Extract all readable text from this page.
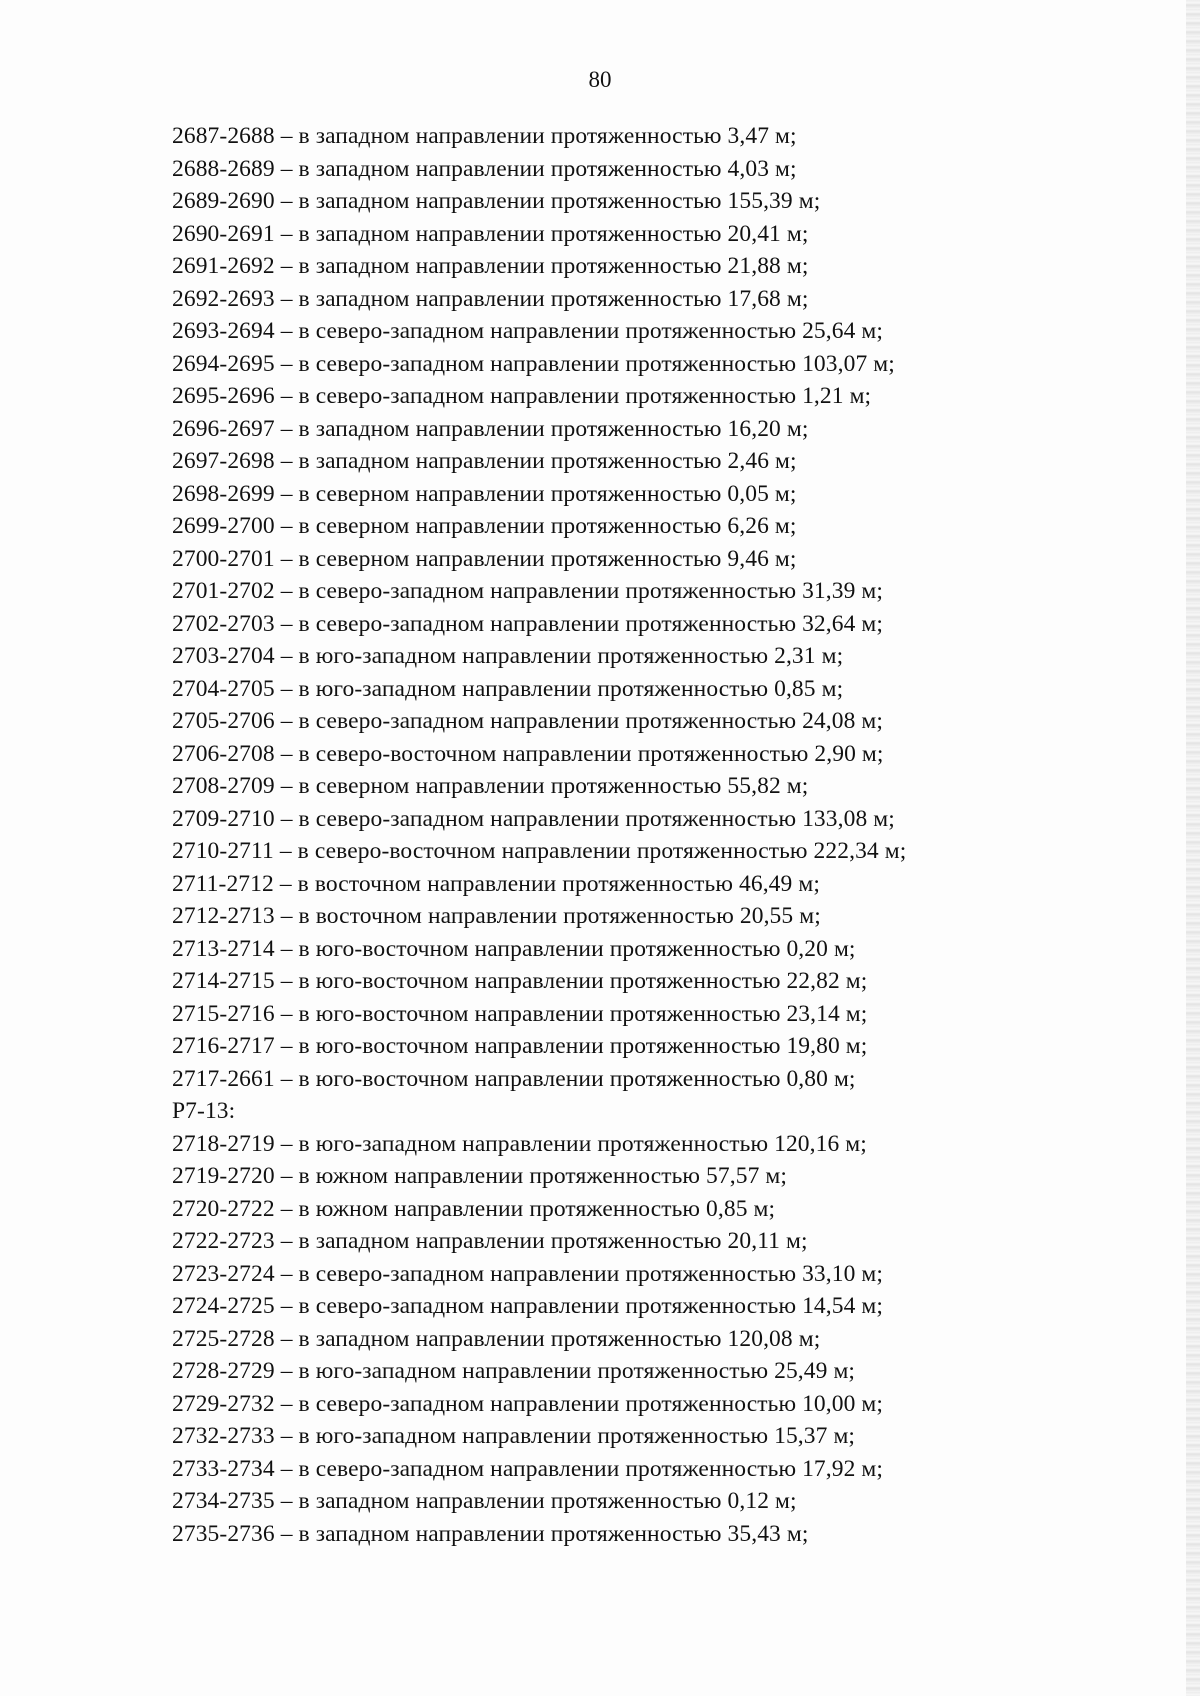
80
2687-2688 – в западном направлении протяженностью 3,47 м;
2688-2689 – в западном направлении протяженностью 4,03 м;
2689-2690 – в западном направлении протяженностью 155,39 м;
2690-2691 – в западном направлении протяженностью 20,41 м;
2691-2692 – в западном направлении протяженностью 21,88 м;
2692-2693 – в западном направлении протяженностью 17,68 м;
2693-2694 – в северо-западном направлении протяженностью 25,64 м;
2694-2695 – в северо-западном направлении протяженностью 103,07 м;
2695-2696 – в северо-западном направлении протяженностью 1,21 м;
2696-2697 – в западном направлении протяженностью 16,20 м;
2697-2698 – в западном направлении протяженностью 2,46 м;
2698-2699 – в северном направлении протяженностью 0,05 м;
2699-2700 – в северном направлении протяженностью 6,26 м;
2700-2701 – в северном направлении протяженностью 9,46 м;
2701-2702 – в северо-западном направлении протяженностью 31,39 м;
2702-2703 – в северо-западном направлении протяженностью 32,64 м;
2703-2704 – в юго-западном направлении протяженностью 2,31 м;
2704-2705 – в юго-западном направлении протяженностью 0,85 м;
2705-2706 – в северо-западном направлении протяженностью 24,08 м;
2706-2708 – в северо-восточном направлении протяженностью 2,90 м;
2708-2709 – в северном направлении протяженностью 55,82 м;
2709-2710 – в северо-западном направлении протяженностью 133,08 м;
2710-2711 – в северо-восточном направлении протяженностью 222,34 м;
2711-2712 – в восточном направлении протяженностью 46,49 м;
2712-2713 – в восточном направлении протяженностью 20,55 м;
2713-2714 – в юго-восточном направлении протяженностью 0,20 м;
2714-2715 – в юго-восточном направлении протяженностью 22,82 м;
2715-2716 – в юго-восточном направлении протяженностью 23,14 м;
2716-2717 – в юго-восточном направлении протяженностью 19,80 м;
2717-2661 – в юго-восточном направлении протяженностью 0,80 м;
Р7-13:
2718-2719 – в юго-западном направлении протяженностью 120,16 м;
2719-2720 – в южном направлении протяженностью 57,57 м;
2720-2722 – в южном направлении протяженностью 0,85 м;
2722-2723 – в западном направлении протяженностью 20,11 м;
2723-2724 – в северо-западном направлении протяженностью 33,10 м;
2724-2725 – в северо-западном направлении протяженностью 14,54 м;
2725-2728 – в западном направлении протяженностью 120,08 м;
2728-2729 – в юго-западном направлении протяженностью 25,49 м;
2729-2732 – в северо-западном направлении протяженностью 10,00 м;
2732-2733 – в юго-западном направлении протяженностью 15,37 м;
2733-2734 – в северо-западном направлении протяженностью 17,92 м;
2734-2735 – в западном направлении протяженностью 0,12 м;
2735-2736 – в западном направлении протяженностью 35,43 м;
